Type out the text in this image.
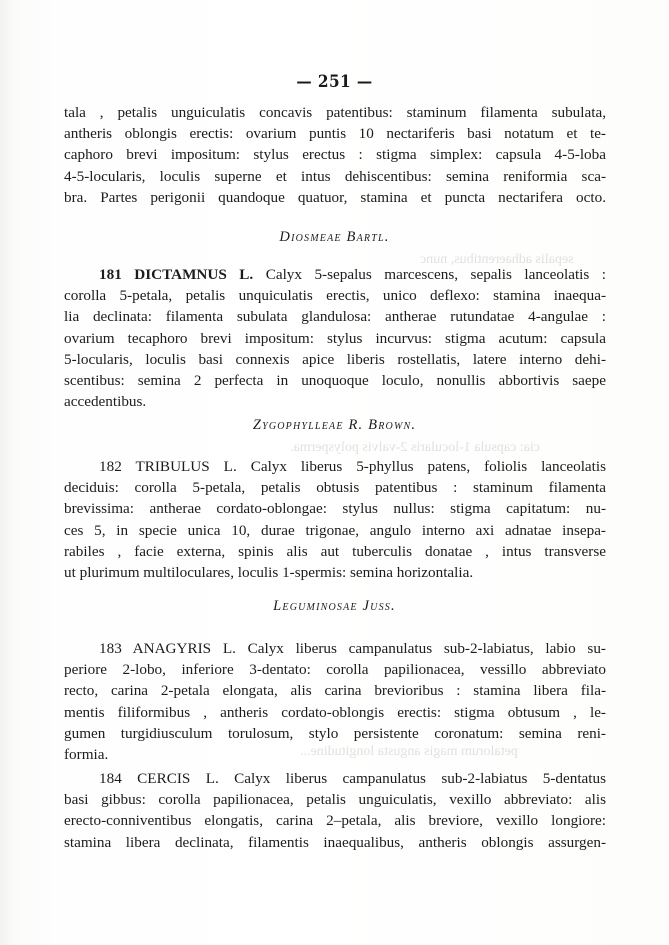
sepalis adhaerentibus, nunc
cia: capsula 1-locularis 2-valvis polysperma.
petalorum magis angusta longitudine...
— 251 —
tala , petalis unguiculatis concavis patentibus: staminum filamenta subulata,
antheris oblongis erectis: ovarium puntis 10 nectariferis basi notatum et te-
caphoro brevi impositum: stylus erectus : stigma simplex: capsula 4-5-loba
4-5-locularis, loculis superne et intus dehiscentibus: semina reniformia sca-
bra. Partes perigonii quandoque quatuor, stamina et puncta nectarifera octo.
Diosmeae Bartl.
181 DICTAMNUS L. Calyx 5-sepalus marcescens, sepalis lanceolatis :
corolla 5-petala, petalis unquiculatis erectis, unico deflexo: stamina inaequa-
lia declinata: filamenta subulata glandulosa: antherae rutundatae 4-angulae :
ovarium tecaphoro brevi impositum: stylus incurvus: stigma acutum: capsula
5-locularis, loculis basi connexis apice liberis rostellatis, latere interno dehi-
scentibus: semina 2 perfecta in unoquoque loculo, nonullis abbortivis saepe
accedentibus.
Zygophylleae R. Brown.
182 TRIBULUS L. Calyx liberus 5-phyllus patens, foliolis lanceolatis
deciduis: corolla 5-petala, petalis obtusis patentibus : staminum filamenta
brevissima: antherae cordato-oblongae: stylus nullus: stigma capitatum: nu-
ces 5, in specie unica 10, durae trigonae, angulo interno axi adnatae insepa-
rabiles , facie externa, spinis alis aut tuberculis donatae , intus transverse
ut plurimum multiloculares, loculis 1-spermis: semina horizontalia.
Leguminosae Juss.
183 ANAGYRIS L. Calyx liberus campanulatus sub-2-labiatus, labio su-
periore 2-lobo, inferiore 3-dentato: corolla papilionacea, vessillo abbreviato
recto, carina 2-petala elongata, alis carina brevioribus : stamina libera fila-
mentis filiformibus , antheris cordato-oblongis erectis: stigma obtusum , le-
gumen turgidiusculum torulosum, stylo persistente coronatum: semina reni-
formia.
184 CERCIS L. Calyx liberus campanulatus sub-2-labiatus 5-dentatus
basi gibbus: corolla papilionacea, petalis unguiculatis, vexillo abbreviato: alis
erecto-conniventibus elongatis, carina 2–petala, alis breviore, vexillo longiore:
stamina libera declinata, filamentis inaequalibus, antheris oblongis assurgen-
